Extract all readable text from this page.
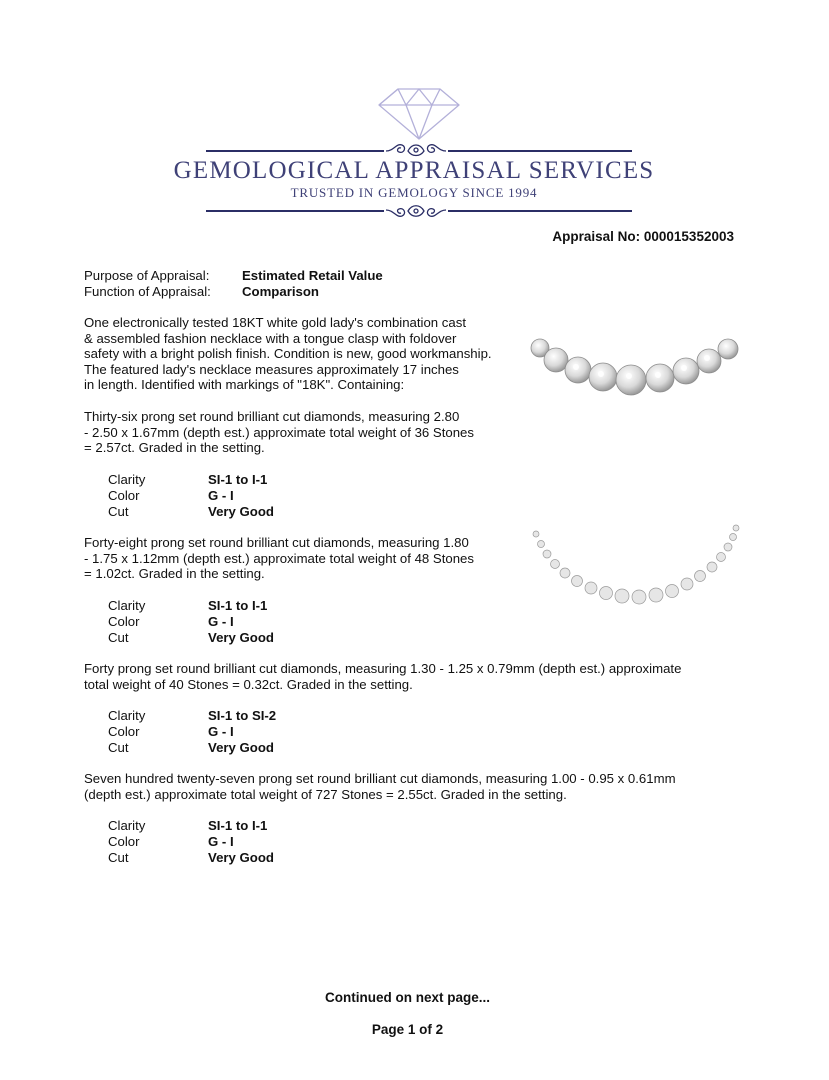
GEMOLOGICAL APPRAISAL SERVICES
TRUSTED IN GEMOLOGY SINCE 1994
Appraisal No: 000015352003
Purpose of Appraisal: Estimated Retail Value
Function of Appraisal: Comparison
One electronically tested 18KT white gold lady's combination cast
& assembled fashion necklace with a tongue clasp with foldover
safety with a bright polish finish. Condition is new, good workmanship.
The featured lady's necklace measures approximately 17 inches
in length. Identified with markings of "18K". Containing:
Thirty-six prong set round brilliant cut diamonds, measuring 2.80
- 2.50 x 1.67mm (depth est.) approximate total weight of 36 Stones
= 2.57ct. Graded in the setting.
Clarity	SI-1 to I-1
Color	G - I
Cut	Very Good
Forty-eight prong set round brilliant cut diamonds, measuring 1.80
- 1.75 x 1.12mm (depth est.) approximate total weight of 48 Stones
= 1.02ct. Graded in the setting.
Clarity	SI-1 to I-1
Color	G - I
Cut	Very Good
Forty prong set round brilliant cut diamonds, measuring 1.30 - 1.25 x 0.79mm (depth est.) approximate
total weight of 40 Stones = 0.32ct. Graded in the setting.
Clarity	SI-1 to SI-2
Color	G - I
Cut	Very Good
Seven hundred twenty-seven prong set round brilliant cut diamonds, measuring 1.00 - 0.95 x 0.61mm
(depth est.) approximate total weight of 727 Stones = 2.55ct. Graded in the setting.
Clarity	SI-1 to I-1
Color	G - I
Cut	Very Good
Continued on next page...
Page 1 of 2
